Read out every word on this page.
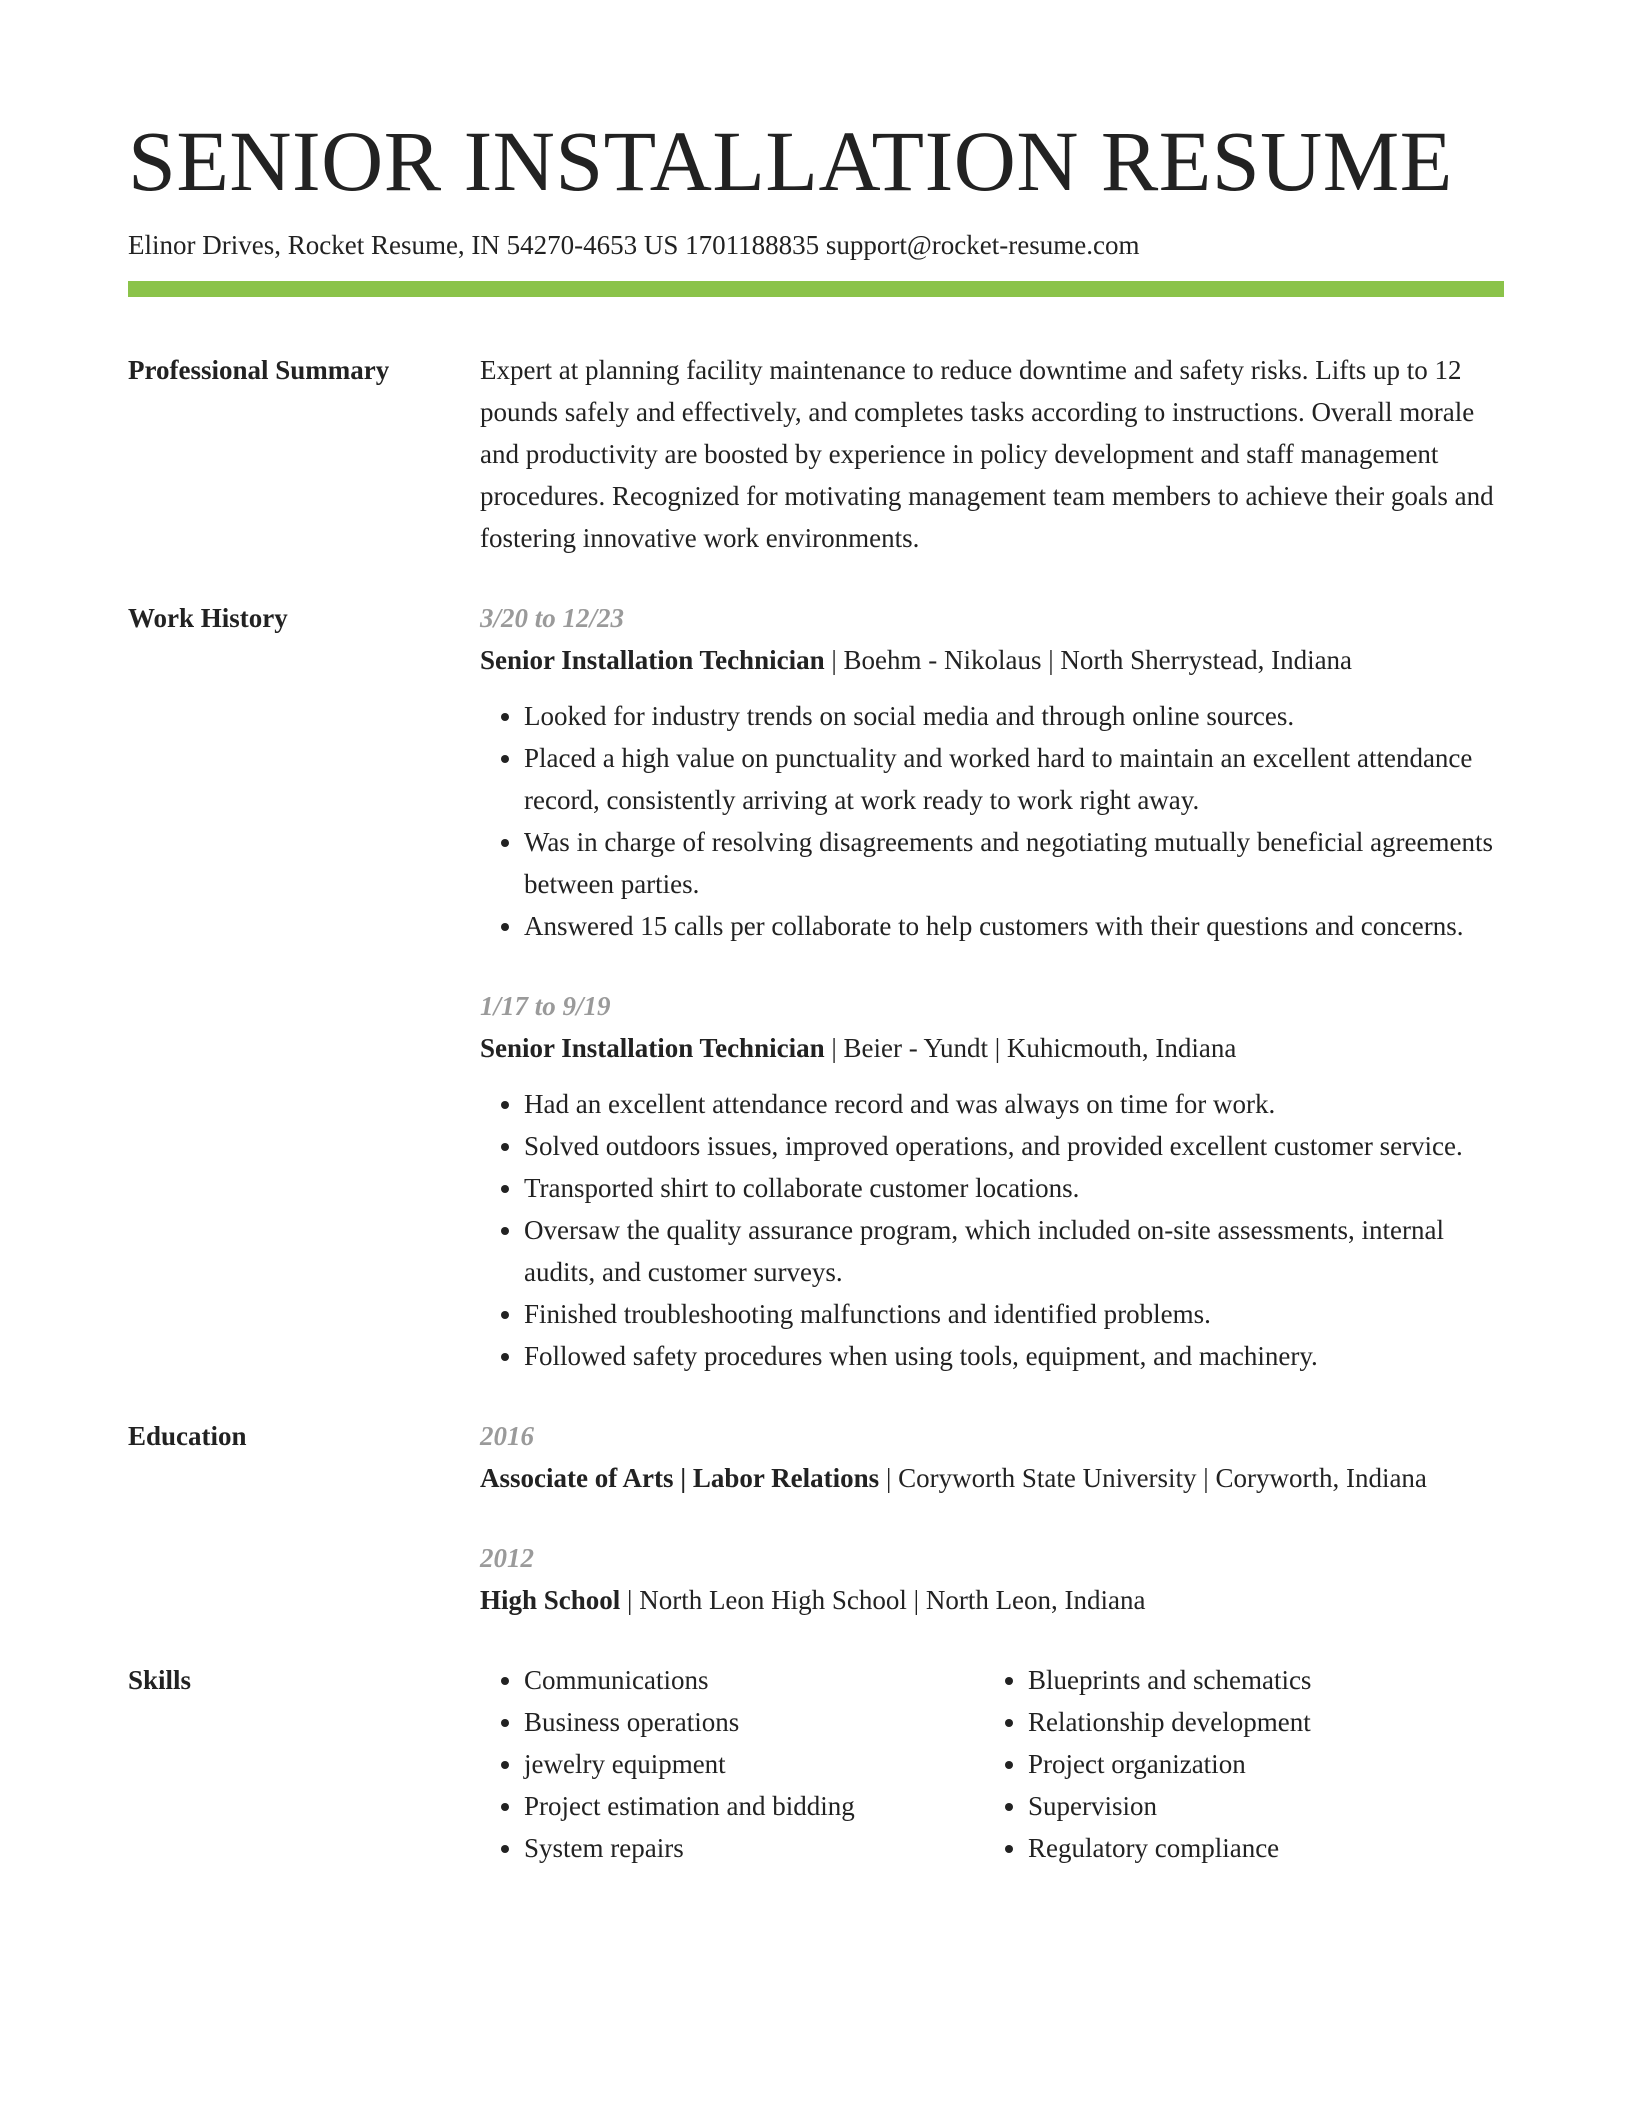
SENIOR INSTALLATION RESUME
Elinor Drives, Rocket Resume, IN 54270-4653 US 1701188835 support@rocket-resume.com
Professional Summary	Expert at planning facility maintenance to reduce downtime and safety risks. Lifts up to 12 pounds safely and effectively, and completes tasks according to instructions. Overall morale and productivity are boosted by experience in policy development and staff management procedures. Recognized for motivating management team members to achieve their goals and fostering innovative work environments.

Work History	3/20 to 12/23
Senior Installation Technician | Boehm - Nikolaus | North Sherrystead, Indiana
• Looked for industry trends on social media and through online sources.
• Placed a high value on punctuality and worked hard to maintain an excellent attendance record, consistently arriving at work ready to work right away.
• Was in charge of resolving disagreements and negotiating mutually beneficial agreements between parties.
• Answered 15 calls per collaborate to help customers with their questions and concerns.
1/17 to 9/19
Senior Installation Technician | Beier - Yundt | Kuhicmouth, Indiana
• Had an excellent attendance record and was always on time for work.
• Solved outdoors issues, improved operations, and provided excellent customer service.
• Transported shirt to collaborate customer locations.
• Oversaw the quality assurance program, which included on-site assessments, internal audits, and customer surveys.
• Finished troubleshooting malfunctions and identified problems.
• Followed safety procedures when using tools, equipment, and machinery.
Education	2016
Associate of Arts | Labor Relations | Coryworth State University | Coryworth, Indiana
2012
High School | North Leon High School | North Leon, Indiana
Skills
•	Communications
• Business operations
• jewelry equipment
• Project estimation and bidding
• System repairs
• Blueprints and schematics
• Relationship development
• Project organization
• Supervision
• Regulatory compliance
